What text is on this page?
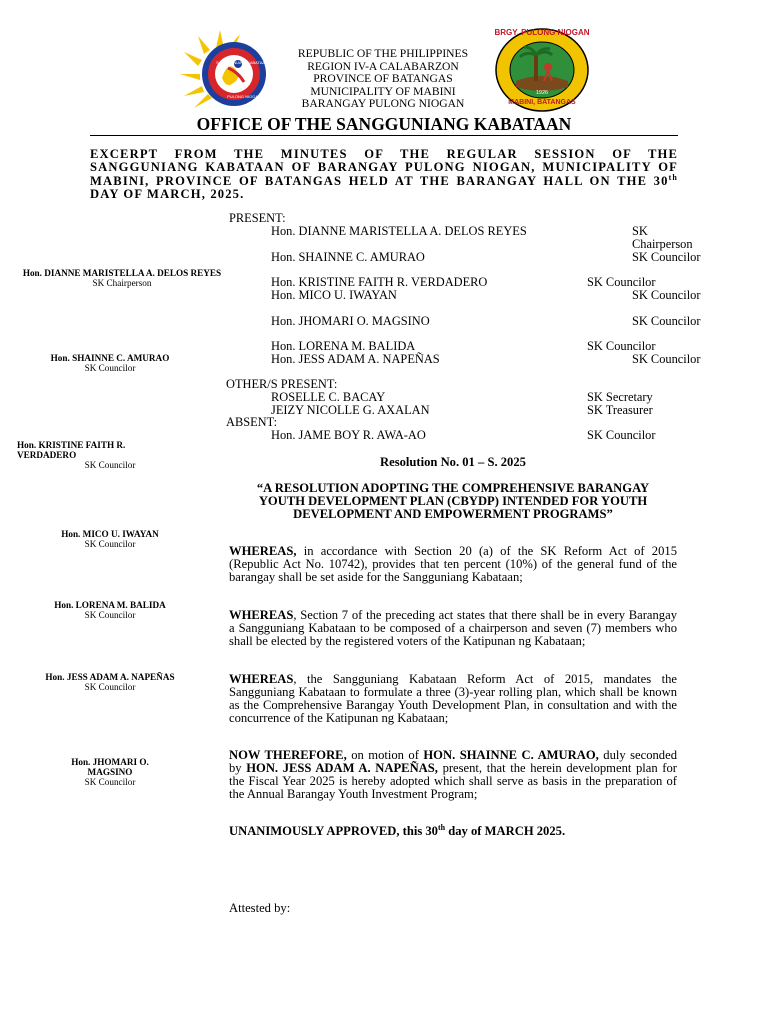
BRGY. PULONG NIOGAN
MABINI, BATANGAS
1926
SANGGUNIANG KABATAAN
PULONG NIOGAN
REPUBLIC OF THE PHILIPPINES
REGION IV-A CALABARZON
PROVINCE OF BATANGAS
MUNICIPALITY OF MABINI
BARANGAY PULONG NIOGAN
OFFICE OF THE SANGGUNIANG KABATAAN
EXCERPT FROM THE MINUTES OF THE REGULAR SESSION OF THE SANGGUNIANG KABATAAN OF BARANGAY PULONG NIOGAN, MUNICIPALITY OF MABINI, PROVINCE OF BATANGAS HELD AT THE BARANGAY HALL ON THE 30th DAY OF MARCH, 2025.
PRESENT:
Hon. DIANNE MARISTELLA A. DELOS REYES	SK Chairperson
Hon. SHAINNE C. AMURAO	SK Councilor
Hon. KRISTINE FAITH R. VERDADERO	SK Councilor
Hon. MICO U. IWAYAN	SK Councilor
Hon. JHOMARI O. MAGSINO	SK Councilor
Hon. LORENA M. BALIDA	SK Councilor
Hon. JESS ADAM A. NAPEÑAS	SK Councilor
OTHER/S PRESENT:
ROSELLE C. BACAY	SK Secretary
JEIZY NICOLLE G. AXALAN	SK Treasurer
ABSENT:
Hon. JAME BOY R. AWA-AO	SK Councilor
Hon. DIANNE MARISTELLA A. DELOS REYES
SK Chairperson
Hon. SHAINNE C. AMURAO
SK Councilor
Hon. KRISTINE FAITH R. VERDADERO
SK Councilor
Hon. MICO U. IWAYAN
SK Councilor
Hon. LORENA M. BALIDA
SK Councilor
Hon. JESS ADAM A. NAPEÑAS
SK Councilor
Hon. JHOMARI O. MAGSINO
SK Councilor
Resolution No. 01 – S. 2025
“A RESOLUTION ADOPTING THE COMPREHENSIVE BARANGAY YOUTH DEVELOPMENT PLAN (CBYDP) INTENDED FOR YOUTH DEVELOPMENT AND EMPOWERMENT PROGRAMS”
WHEREAS, in accordance with Section 20 (a) of the SK Reform Act of 2015 (Republic Act No. 10742), provides that ten percent (10%) of the general fund of the barangay shall be set aside for the Sangguniang Kabataan;
WHEREAS, Section 7 of the preceding act states that there shall be in every Barangay a Sangguniang Kabataan to be composed of a chairperson and seven (7) members who shall be elected by the registered voters of the Katipunan ng Kabataan;
WHEREAS, the Sangguniang Kabataan Reform Act of 2015, mandates the Sangguniang Kabataan to formulate a three (3)-year rolling plan, which shall be known as the Comprehensive Barangay Youth Development Plan, in consultation and with the concurrence of the Katipunan ng Kabataan;
NOW THEREFORE, on motion of HON. SHAINNE C. AMURAO, duly seconded by HON. JESS ADAM A. NAPEÑAS, present, that the herein development plan for the Fiscal Year 2025 is hereby adopted which shall serve as basis in the preparation of the Annual Barangay Youth Investment Program;
UNANIMOUSLY APPROVED, this 30th day of MARCH 2025.
Attested by:
